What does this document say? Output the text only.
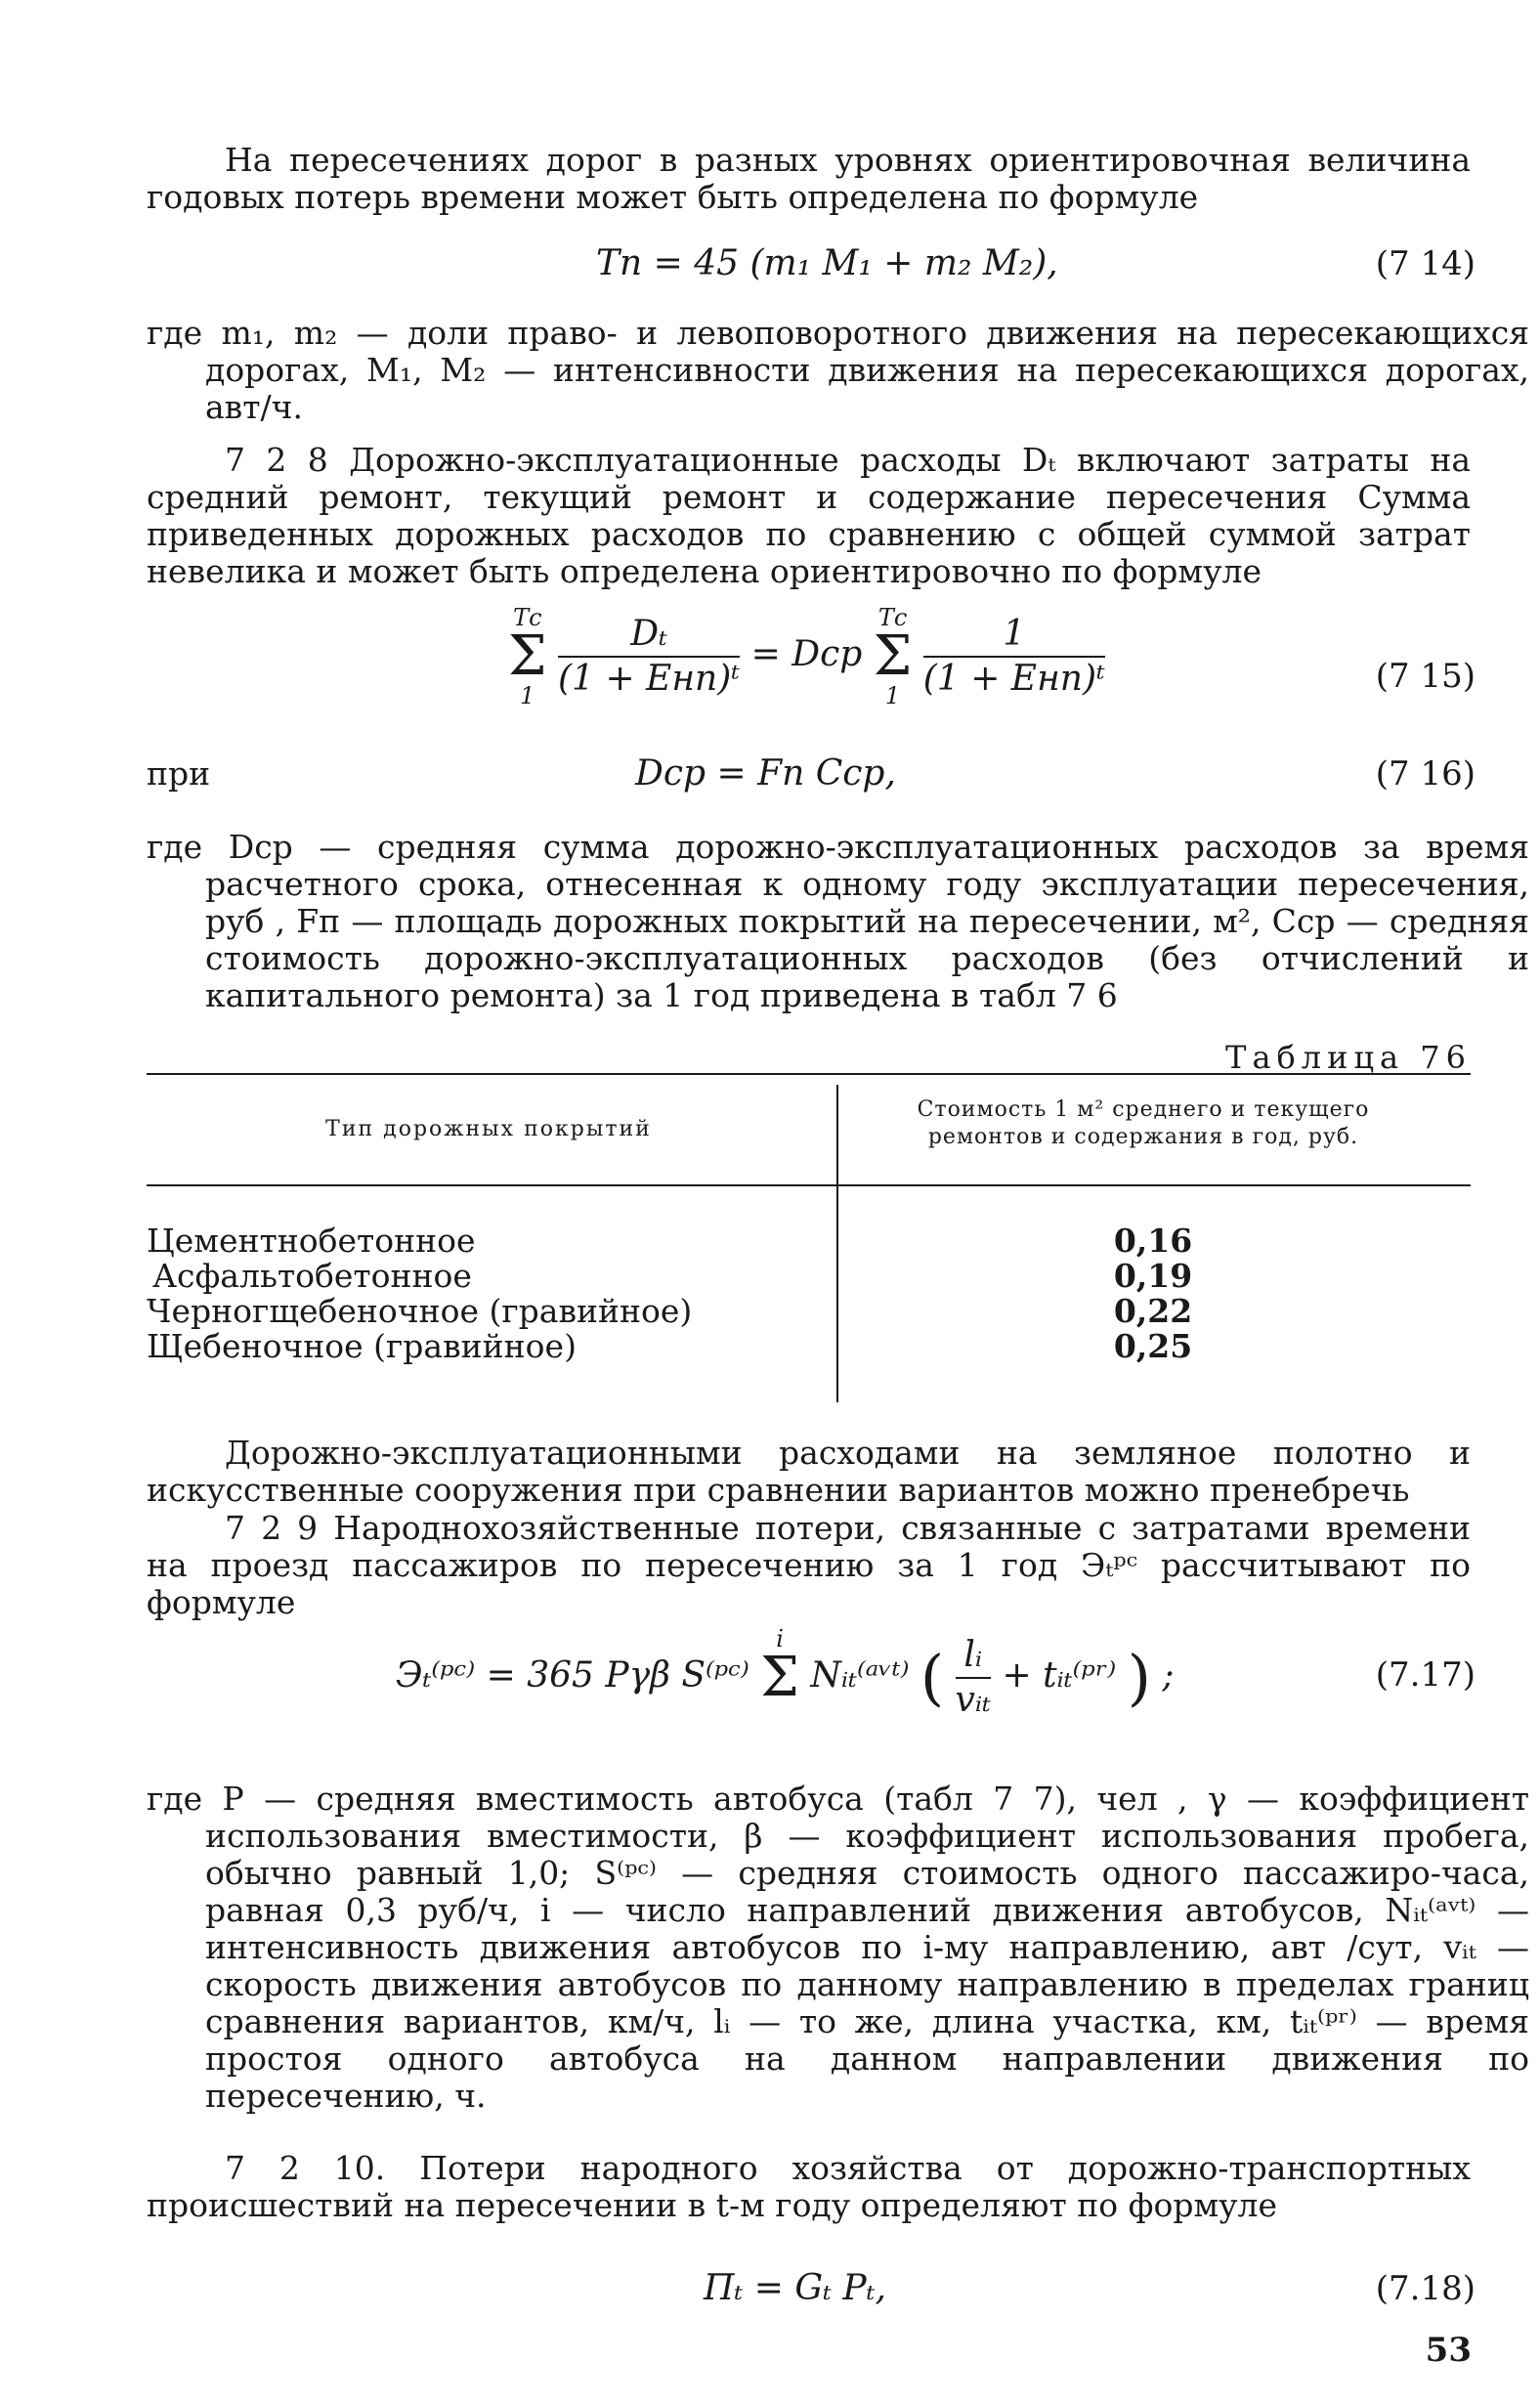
На пересечениях дорог в разных уровнях ориентировочная величина годовых потерь времени может быть определена по формуле
Tп = 45 (m₁ M₁ + m₂ M₂),	(7 14)
где m₁, m₂ — доли право- и левоповоротного движения на пересекающихся дорогах, M₁, M₂ — интенсивности движения на пересекающихся дорогах, авт/ч.
7 2 8 Дорожно-эксплуатационные расходы Dₜ включают затраты на средний ремонт, текущий ремонт и содержание пересечения Сумма приведенных дорожных расходов по сравнению с общей суммой затрат невелика и может быть определена ориентировочно по формуле
Tс
Σ
1
$\frac{\text{Dₜ}}{\text{(1 + Eнп)ᵗ}}$ = Dср
Tс
Σ
1
$\frac{1}{\text{(1 + Eнп)ᵗ}}$	(7 15)
при	Dср = Fп Cср,	(7 16)
где Dср — средняя сумма дорожно-эксплуатационных расходов за время расчетного срока, отнесенная к одному году эксплуатации пересечения, руб , Fп — площадь дорожных покрытий на пересечении, м², Cср — средняя стоимость дорожно-эксплуатационных расходов (без отчислений и капитального ремонта) за 1 год приведена в табл 7 6
Таблица 76
Тип дорожных покрытий
Стоимость 1 м² среднего и текущего ремонтов и содержания в год, руб.
Цементнобетонное	0,16
Асфальтобетонное	0,19
Черногщебеночное (гравийное)	0,22
Щебеночное (гравийное)	0,25
Дорожно-эксплуатационными расходами на земляное полотно и искусственные сооружения при сравнении вариантов можно пренебречь
7 2 9 Народнохозяйственные потери, связанные с затратами времени на проезд пассажиров по пересечению за 1 год Эₜᵖᶜ рассчитывают по формуле
Эₜ⁽ᵖᶜ⁾ = 365 Pγβ S⁽ᵖᶜ⁾
i
Σ
Nᵢₜ⁽ᵃᵛᵗ⁾ ( $\frac{\text{lᵢ}}{\text{vᵢₜ}}$ + tᵢₜ⁽ᵖʳ⁾ ) ;	(7.17)
где P — средняя вместимость автобуса (табл 7 7), чел , γ — коэффициент использования вместимости, β — коэффициент использования пробега, обычно равный 1,0; S⁽ᵖᶜ⁾ — средняя стоимость одного пассажиро-часа, равная 0,3 руб/ч, i — число направлений движения автобусов, Nᵢₜ⁽ᵃᵛᵗ⁾ — интенсивность движения автобусов по i-му направлению, авт /сут, vᵢₜ — скорость движения автобусов по данному направлению в пределах границ сравнения вариантов, км/ч, lᵢ — то же, длина участка, км, tᵢₜ⁽ᵖʳ⁾ — время простоя одного автобуса на данном направлении движения по пересечению, ч.
7 2 10. Потери народного хозяйства от дорожно-транспортных происшествий на пересечении в t-м году определяют по формуле
Пₜ = Gₜ Pₜ,	(7.18)
53
